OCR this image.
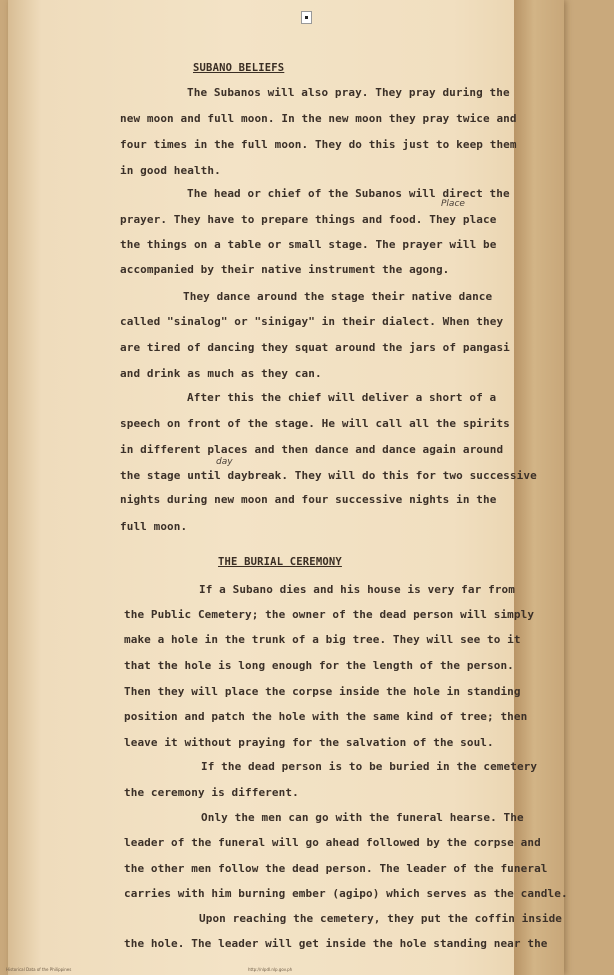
SUBANO BELIEFS
The Subanos will also pray. They pray during the
new moon and full moon. In the new moon they pray twice and
four times in the full moon. They do this just to keep them
in good health.
The head or chief of the Subanos will direct the
Place
prayer. They have to prepare things and food. They place
the things on a table or small stage. The prayer will be
accompanied by their native instrument the agong.
They dance around the stage their native dance
called "sinalog" or "sinigay" in their dialect. When they
are tired of dancing they squat around the jars of pangasi
and drink as much as they can.
After this the chief will deliver a short of a
speech on front of the stage. He will call all the spirits
in different places and then dance and dance again around
day
the stage until daybreak. They will do this for two successive
nights during new moon and four successive nights in the
full moon.
THE BURIAL CEREMONY
If a Subano dies and his house is very far from
the Public Cemetery; the owner of the dead person will simply
make a hole in the trunk of a big tree. They will see to it
that the hole is long enough for the length of the person.
Then they will place the corpse inside the hole in standing
position and patch the hole with the same kind of tree; then
leave it without praying for the salvation of the soul.
If the dead person is to be buried in the cemetery
the ceremony is different.
Only the men can go with the funeral hearse. The
leader of the funeral will go ahead followed by the corpse and
the other men follow the dead person. The leader of the funeral
carries with him burning ember (agipo) which serves as the candle.
Upon reaching the cemetery, they put the coffin inside
the hole. The leader will get inside the hole standing near the
Historical Data of the Philippines	http://nlpdl.nlp.gov.ph
